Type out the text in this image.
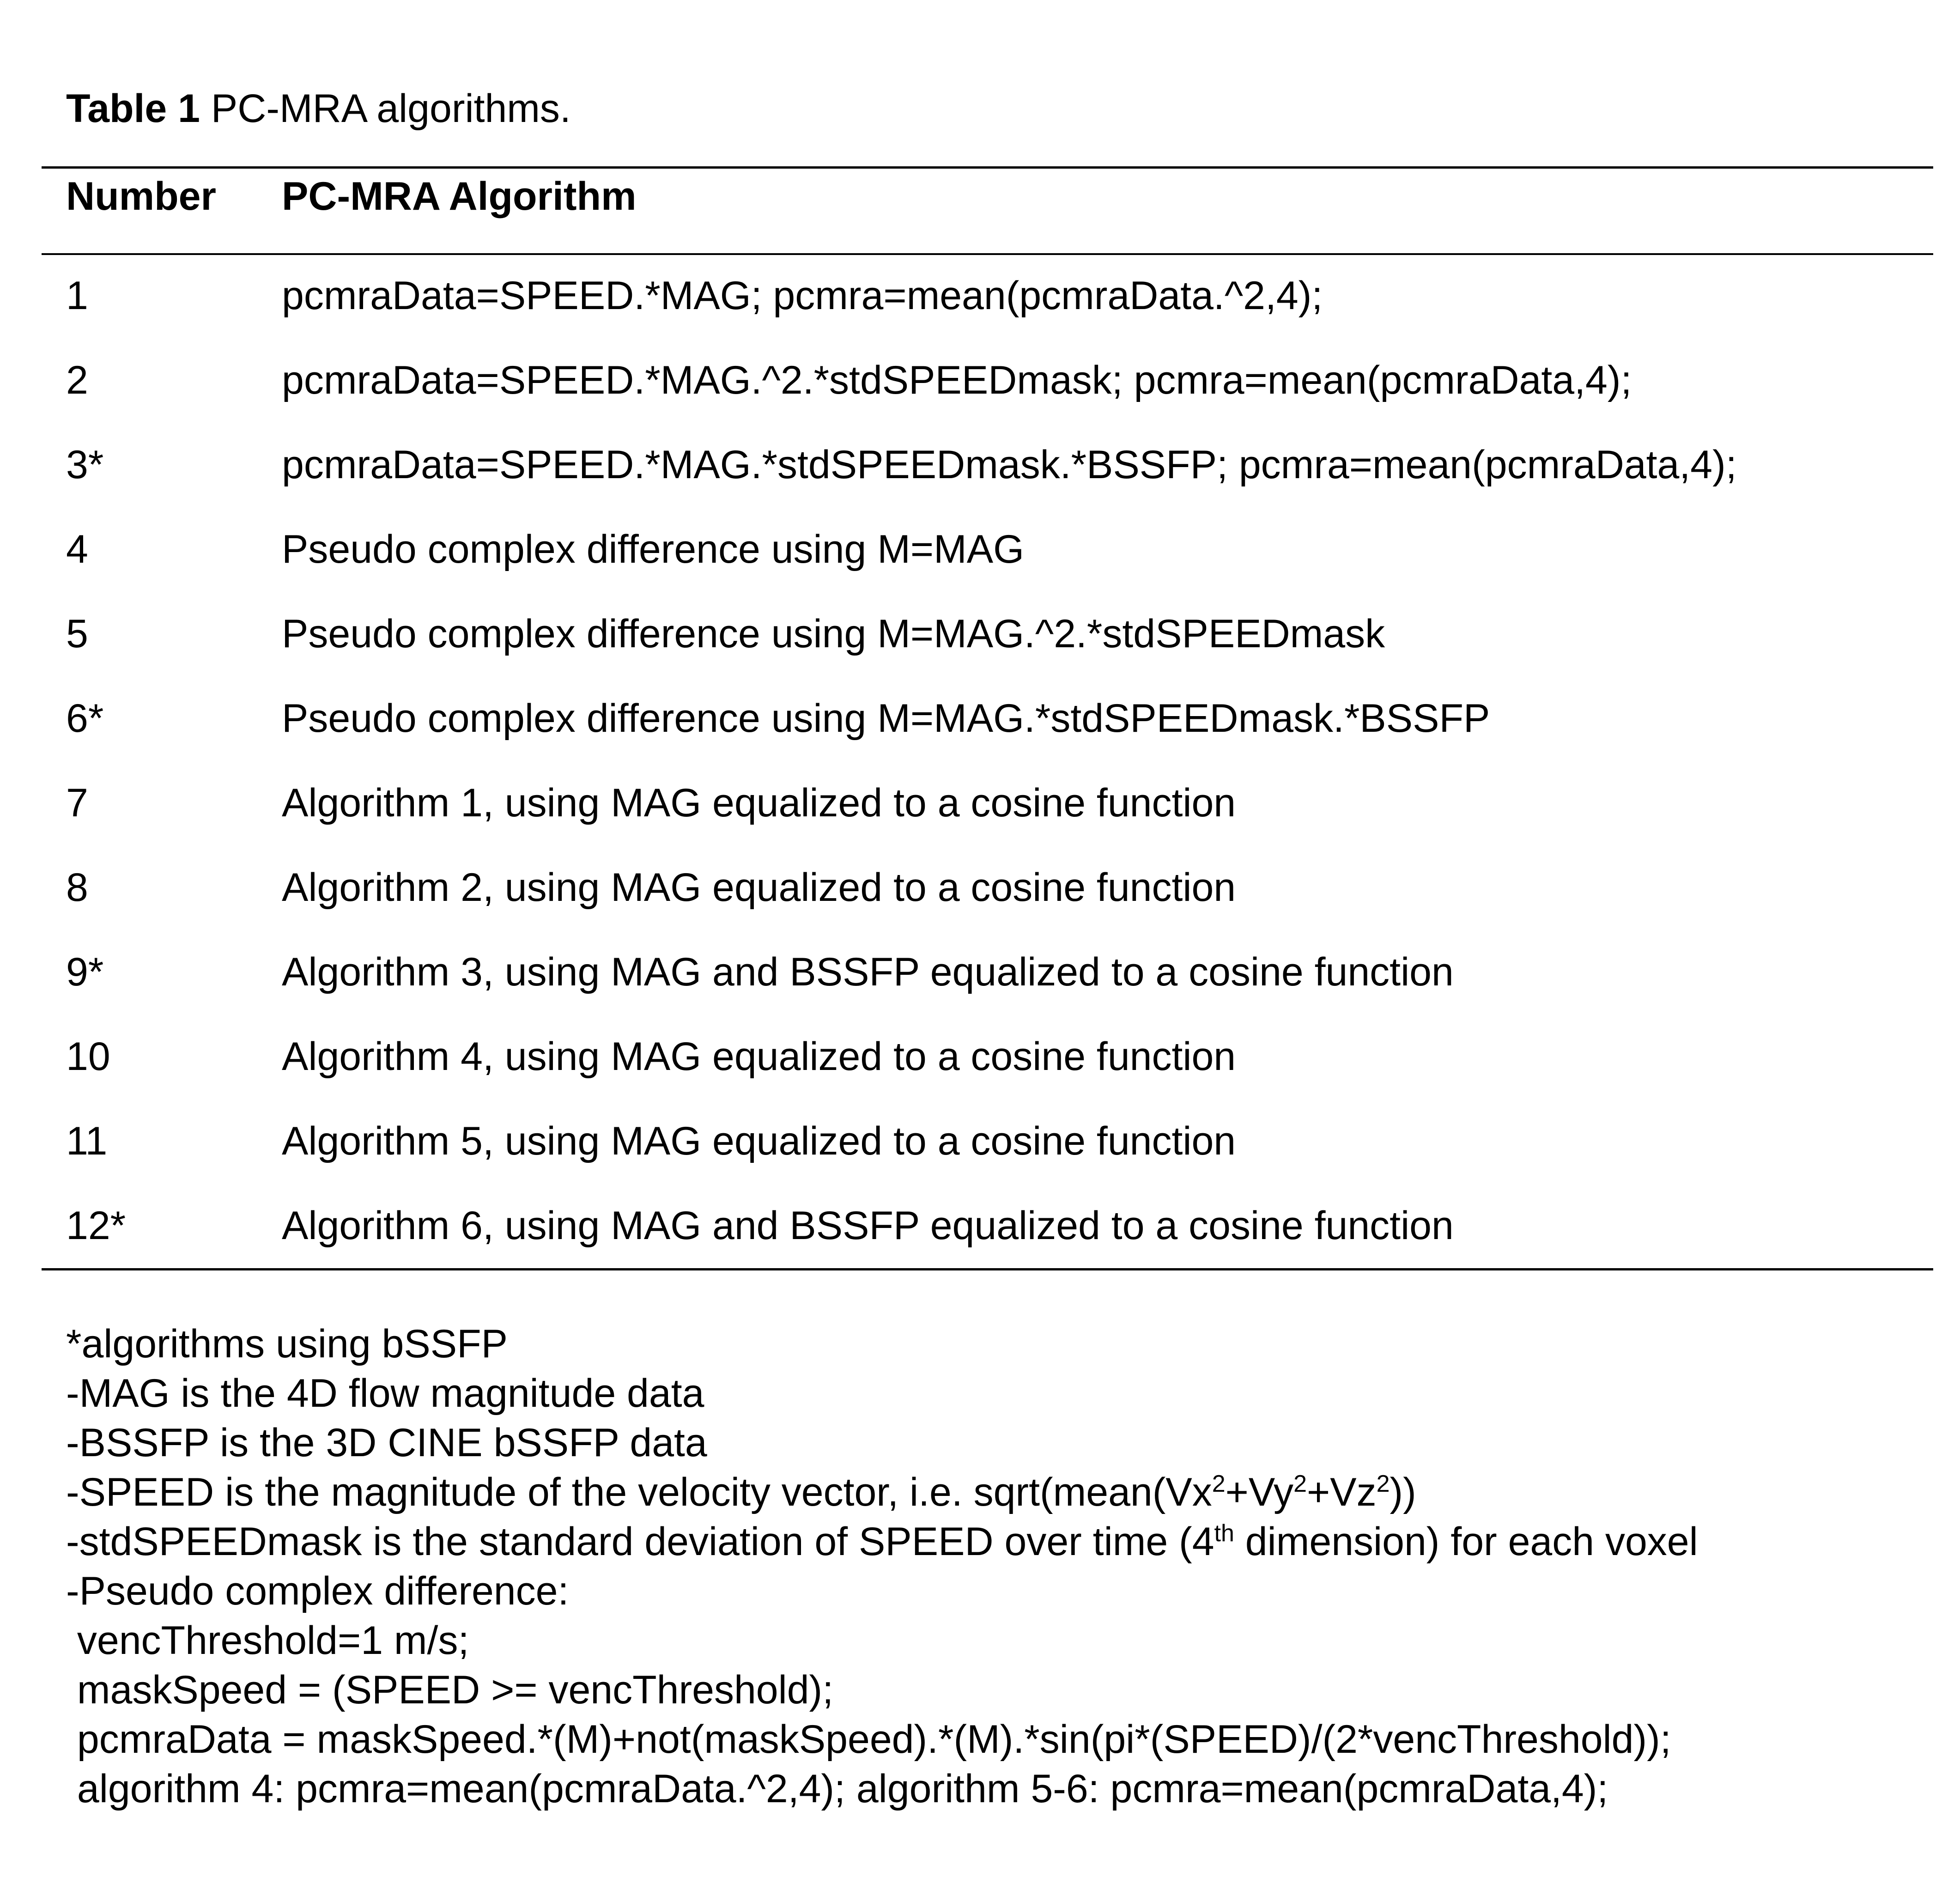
Table 1 PC-MRA algorithms.
Number PC-MRA Algorithm
1	pcmraData=SPEED.*MAG; pcmra=mean(pcmraData.^2,4);
2	pcmraData=SPEED.*MAG.^2.*stdSPEEDmask; pcmra=mean(pcmraData,4);
3*	pcmraData=SPEED.*MAG.*stdSPEEDmask.*BSSFP; pcmra=mean(pcmraData,4);
4	Pseudo complex difference using M=MAG
5	Pseudo complex difference using M=MAG.^2.*stdSPEEDmask
6*	Pseudo complex difference using M=MAG.*stdSPEEDmask.*BSSFP
7	Algorithm 1, using MAG equalized to a cosine function
8	Algorithm 2, using MAG equalized to a cosine function
9*	Algorithm 3, using MAG and BSSFP equalized to a cosine function
10	Algorithm 4, using MAG equalized to a cosine function
11	Algorithm 5, using MAG equalized to a cosine function
12*	Algorithm 6, using MAG and BSSFP equalized to a cosine function
*algorithms using bSSFP
-MAG is the 4D flow magnitude data
-BSSFP is the 3D CINE bSSFP data
-SPEED is the magnitude of the velocity vector, i.e. $sqrt(mean(Vx^2+Vy^2+Vz^2))$
-stdSPEEDmask is the standard deviation of SPEED over time (4th dimension) for each voxel
-Pseudo complex difference:
vencThreshold=1 m/s;
maskSpeed = (SPEED >= vencThreshold);
pcmraData = maskSpeed.*(M)+not(maskSpeed).*(M).*sin(pi*(SPEED)/(2*vencThreshold));
algorithm 4: pcmra=mean(pcmraData.^2,4); algorithm 5-6: pcmra=mean(pcmraData,4);
